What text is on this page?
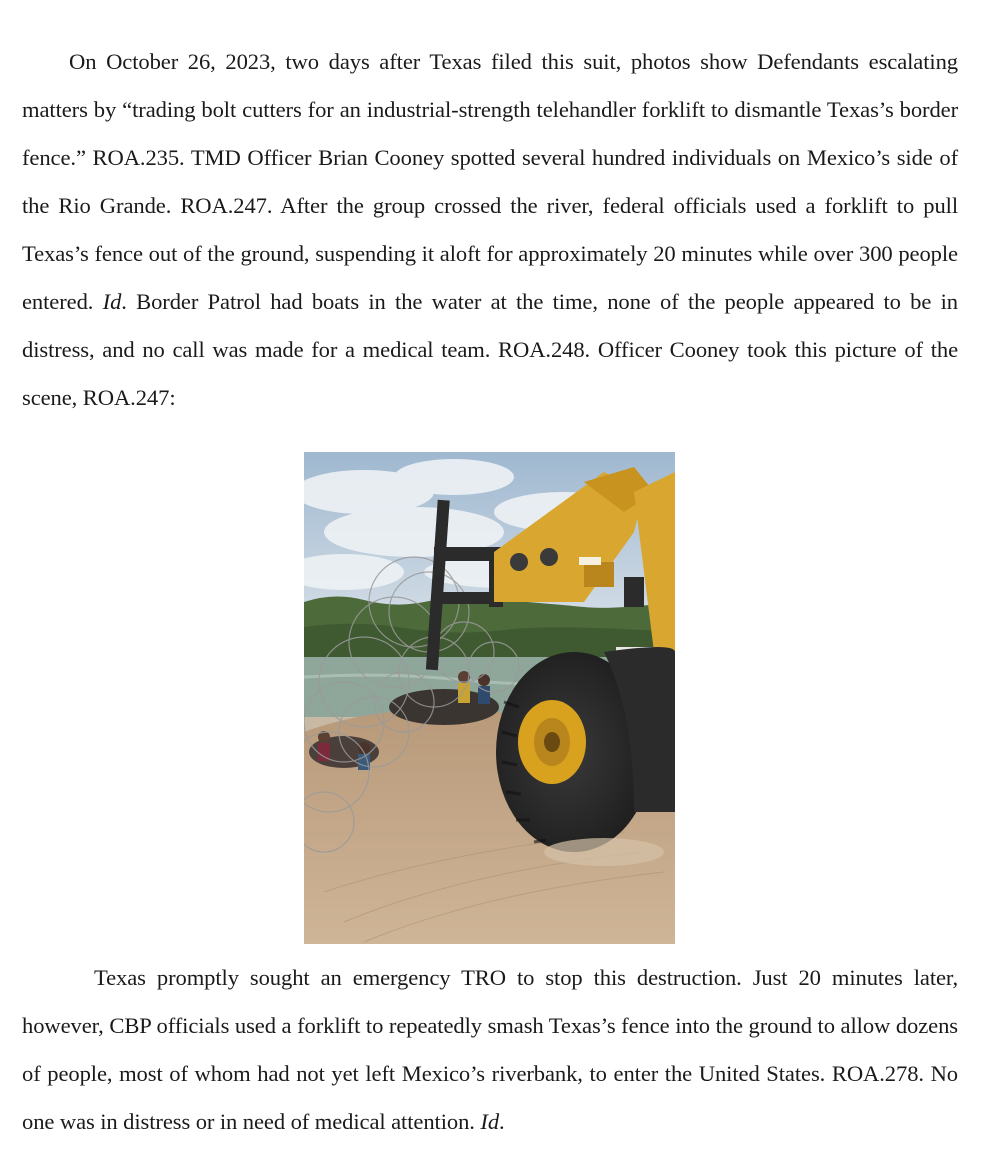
On October 26, 2023, two days after Texas filed this suit, photos show Defendants escalating matters by “trading bolt cutters for an industrial-strength telehandler forklift to dismantle Texas’s border fence.” ROA.235. TMD Officer Brian Cooney spotted several hundred individuals on Mexico’s side of the Rio Grande. ROA.247. After the group crossed the river, federal officials used a forklift to pull Texas’s fence out of the ground, suspending it aloft for approximately 20 minutes while over 300 people entered. Id. Border Patrol had boats in the water at the time, none of the people appeared to be in distress, and no call was made for a medical team. ROA.248. Officer Cooney took this picture of the scene, ROA.247:

Texas promptly sought an emergency TRO to stop this destruction. Just 20 minutes later, however, CBP officials used a forklift to repeatedly smash Texas’s fence into the ground to allow dozens of people, most of whom had not yet left Mexico’s riverbank, to enter the United States. ROA.278. No one was in distress or in need of medical attention. Id.
